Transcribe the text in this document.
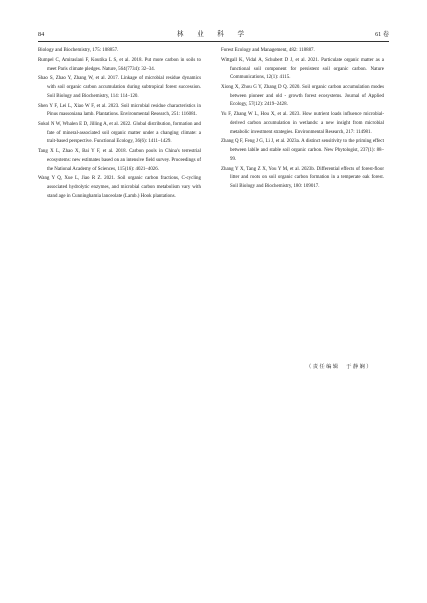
84	林 业 科 学	61 卷

Biology and Biochemistry, 175: 108857.

Rumpel C, Amiraslani F, Koutika L S, et al. 2018. Put more carbon in soils to meet Paris climate pledges. Nature, 564(7734): 32–34.

Shao S, Zhao Y, Zhang W, et al. 2017. Linkage of microbial residue dynamics with soil organic carbon accumulation during subtropical forest succession. Soil Biology and Biochemistry, 114: 114–120.

Shen Y F, Lei L, Xiao W F, et al. 2023. Soil microbial residue characteristics in Pinus massoniana lamb. Plantations. Environmental Research, 251: 116081.

Sokol N W, Whalen E D, Jilling A, et al. 2022. Global distribution, formation and fate of mineral-associated soil organic matter under a changing climate: a trait-based perspective. Functional Ecology, 36(6): 1411–1429.

Tang X L, Zhao X, Bai Y F, et al. 2018. Carbon pools in China's terrestrial ecosystems: new estimates based on an intensive field survey. Proceedings of the National Academy of Sciences, 115(16): 4021–4026.

Wang Y Q, Xue L, Jiao R Z. 2021. Soil organic carbon fractions, C-cycling associated hydrolytic enzymes, and microbial carbon metabolism vary with stand age in Cunninghamia lanceolate (Lamb.) Hook plantations.

Forest Ecology and Management, 482: 118887.

Wittgall K, Vidal A, Schubert D J, et al. 2021. Particulate organic matter as a functional soil component for persistent soil organic carbon. Nature Communications, 12(1): 4115.

Xiong X, Zhou G Y, Zhang D Q. 2020. Soil organic carbon accumulation modes between pioneer and old - growth forest ecosystems. Journal of Applied Ecology, 57(12): 2419–2428.

Yu F, Zhang W L, Hou X, et al. 2023. How nutrient loads influence microbial-derived carbon accumulation in wetlands: a new insight from microbial metabolic investment strategies. Environmental Research, 217: 114981.

Zhang Q F, Feng J G, Li J, et al. 2023a. A distinct sensitivity to the priming effect between labile and stable soil organic carbon. New Phytologist, 237(1): 88–99.

Zhang Y X, Tang Z X, You Y M, et al. 2023b. Differential effects of forest-floor litter and roots on soil organic carbon formation in a temperate oak forest. Soil Biology and Biochemistry, 180: 109017.

（责任编辑　于静娴）
